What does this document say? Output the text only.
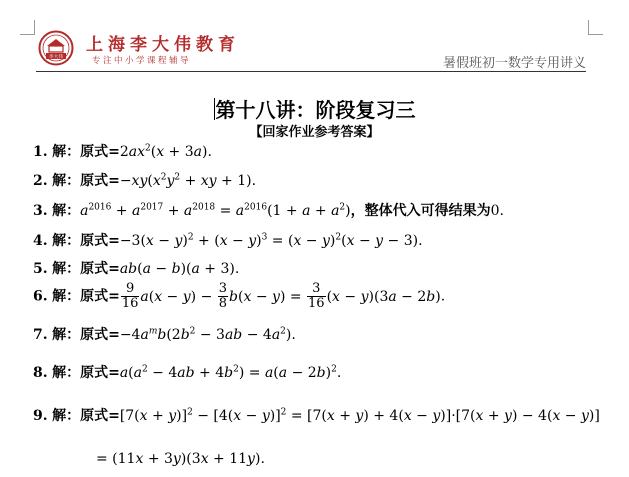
李大伟
上海李大伟教育
专注中小学课程辅导	暑假班初一数学专用讲义
第十八讲：阶段复习三
【回家作业参考答案】
1. 解：原式$=2ax^2(x + 3a)$.
2. 解：原式$=-xy(x^2y^2$ + xy + 1).
3. 解：$a^{2016} + a^{2017} + a^{2018} = a^{2016}(1 + a + a^2)$，整体代入可得结果为0.
4. 解：原式$=-3(x - y)^2 + (x - y)^3 = (x - y)^2(x - y - 3)$.
5. 解：原式=ab(a − b)(a + 3).
6. 解：原式= $\frac{9}{16} a(x - y) - \frac{3}{8} b(x - y) = \frac{3}{16} (x - y)(3a - 2b)$.
7. 解：原式$=-4a^mb(2b^2 - 3ab - 4a^2)$.
8. 解：原式$=a(a^2 - 4ab + 4b^2) = a(a - 2b)^2$.
9. 解：原式$=[7(x + y)]^2 - [4(x - y)]^2 = [7(x + y) + 4(x - y)]\cdot[7(x + y) - 4(x - y)]$
= (11x + 3y)(3x + 11y).
